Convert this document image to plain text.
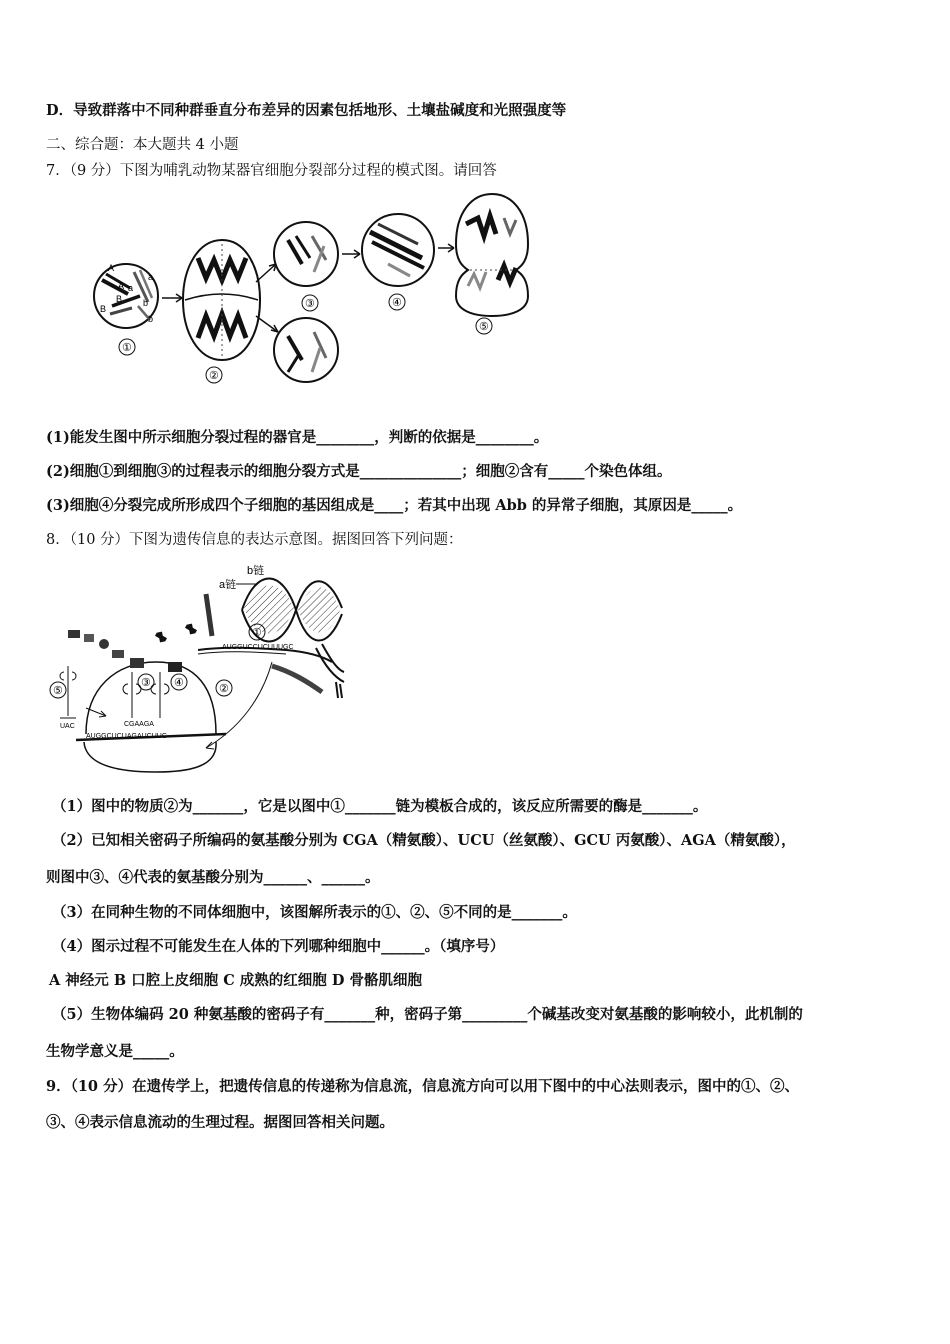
D．导致群落中不同种群垂直分布差异的因素包括地形、土壤盐碱度和光照强度等
二、综合题：本大题共 4 小题
7．（9 分）下图为哺乳动物某器官细胞分裂部分过程的模式图。请回答
A
A a
a
B
B
b
b
①
②
③	④
⑤
(1)能发生图中所示细胞分裂过程的器官是________，判断的依据是________。
(2)细胞①到细胞③的过程表示的细胞分裂方式是______________；细胞②含有_____个染色体组。
(3)细胞④分裂完成所形成四个子细胞的基因组成是____；若其中出现 Abb 的异常子细胞，其原因是_____。
8．（10 分）下图为遗传信息的表达示意图。据图回答下列问题：
b链
a链
①
AUGGUCCUCUUUGC
②
AUGGCUCUAGAUCUUC
UAC
⑤
③ ④
CGAAGA
（1）图中的物质②为_______，它是以图中①_______链为模板合成的，该反应所需要的酶是_______。
（2）已知相关密码子所编码的氨基酸分别为 CGA（精氨酸）、UCU（丝氨酸）、GCU 丙氨酸）、AGA（精氨酸），
则图中③、④代表的氨基酸分别为______、______。
（3）在同种生物的不同体细胞中，该图解所表示的①、②、⑤不同的是_______。
（4）图示过程不可能发生在人体的下列哪种细胞中______。（填序号）
A 神经元 B 口腔上皮细胞 C 成熟的红细胞 D 骨骼肌细胞
（5）生物体编码 20 种氨基酸的密码子有_______种，密码子第_________个碱基改变对氨基酸的影响较小，此机制的
生物学意义是_____。
9．（10 分）在遗传学上，把遗传信息的传递称为信息流，信息流方向可以用下图中的中心法则表示，图中的①、②、
③、④表示信息流动的生理过程。据图回答相关问题。
